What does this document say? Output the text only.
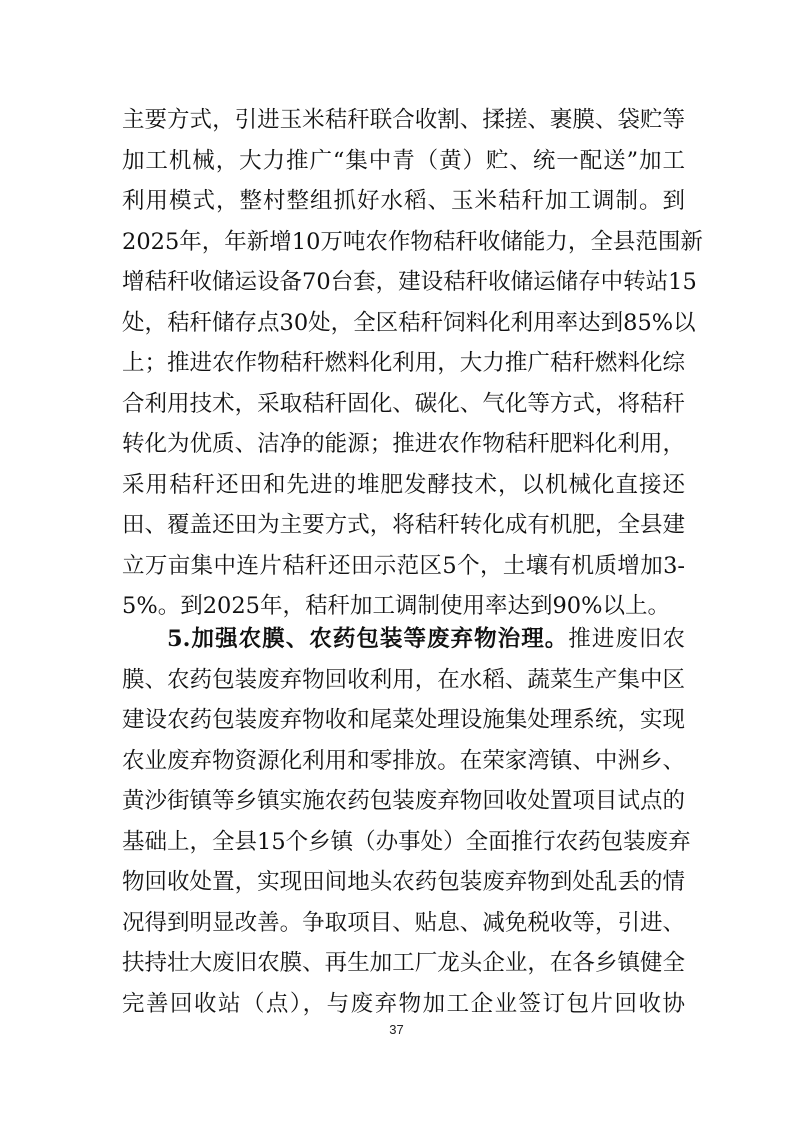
主要方式，引进玉米秸秆联合收割、揉搓、裹膜、袋贮等
加工机械，大力推广“集中青（黄）贮、统一配送”加工
利用模式，整村整组抓好水稻、玉米秸秆加工调制。到
2025年，年新增10万吨农作物秸秆收储能力，全县范围新
增秸秆收储运设备70台套，建设秸秆收储运储存中转站15
处，秸秆储存点30处，全区秸秆饲料化利用率达到85%以
上；推进农作物秸秆燃料化利用，大力推广秸秆燃料化综
合利用技术，采取秸秆固化、碳化、气化等方式，将秸秆
转化为优质、洁净的能源；推进农作物秸秆肥料化利用，
采用秸秆还田和先进的堆肥发酵技术，以机械化直接还
田、覆盖还田为主要方式，将秸秆转化成有机肥，全县建
立万亩集中连片秸秆还田示范区5个，土壤有机质增加3-
5%。到2025年，秸秆加工调制使用率达到90%以上。
5.加强农膜、农药包装等废弃物治理。推进废旧农
膜、农药包装废弃物回收利用，在水稻、蔬菜生产集中区
建设农药包装废弃物收和尾菜处理设施集处理系统，实现
农业废弃物资源化利用和零排放。在荣家湾镇、中洲乡、
黄沙街镇等乡镇实施农药包装废弃物回收处置项目试点的
基础上，全县15个乡镇（办事处）全面推行农药包装废弃
物回收处置，实现田间地头农药包装废弃物到处乱丢的情
况得到明显改善。争取项目、贴息、减免税收等，引进、
扶持壮大废旧农膜、再生加工厂龙头企业，在各乡镇健全
完善回收站（点），与废弃物加工企业签订包片回收协
37
